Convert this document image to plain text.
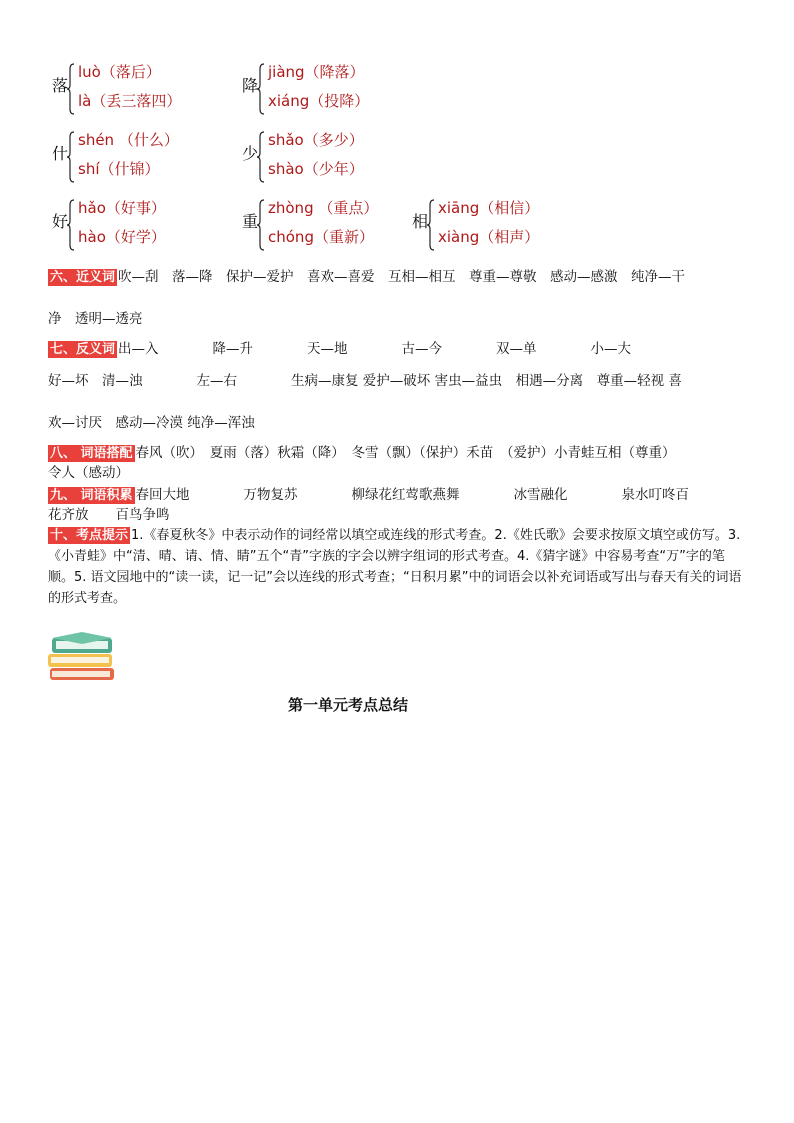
落
luò（落后）
là（丢三落四）
降
jiàng（降落）
xiáng（投降）
什
shén （什么）
shí（什锦）
少
shǎo（多少）
shào（少年）
好
hǎo（好事）
hào（好学）
重
zhòng （重点）
chóng（重新）
相
xiāng（相信）
xiàng（相声）
六、近义词 吹—刮　落—降　保护—爱护　喜欢—喜爱　互相—相互　尊重—尊敬　感动—感激　纯净—干
净　透明—透亮
七、反义词 出—入　　　　降—升　　　　天—地　　　　古—今　　　　双—单　　　　小—大
好—坏　清—浊　　　　左—右　　　　生病—康复 爱护—破坏 害虫—益虫　相遇—分离　尊重—轻视 喜
欢—讨厌　感动—冷漠 纯净—浑浊
八、 词语搭配 春风（吹）　夏雨（落）秋霜（降）　冬雪（飘）（保护）禾苗　（爱护）小青蛙互相（尊重）
令人（感动）
九、 词语积累 春回大地　　　　万物复苏　　　　柳绿花红莺歌燕舞　　　　冰雪融化　　　　泉水叮咚百
花齐放　　百鸟争鸣
十、考点提示 1.《春夏秋冬》中表示动作的词经常以填空或连线的形式考查。2.《姓氏歌》会要求按原文填空或仿写。3.《小青蛙》中“清、晴、请、情、睛”五个“青”字族的字会以辨字组词的形式考查。4.《猜字谜》中容易考查“万”字的笔顺。5. 语文园地中的“读一读，记一记”会以连线的形式考查；“日积月累”中的词语会以补充词语或写出与春天有关的词语的形式考查。
第一单元考点总结
